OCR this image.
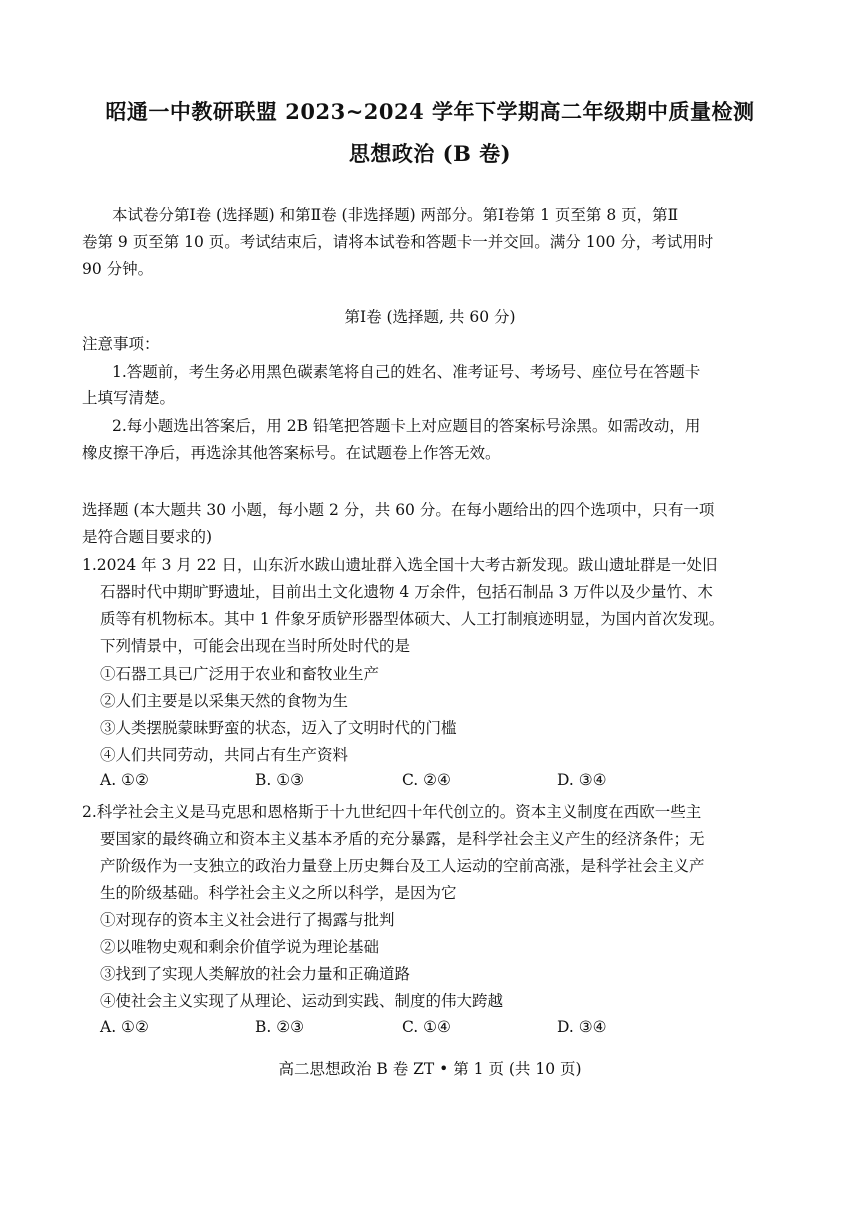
昭通一中教研联盟 2023~2024 学年下学期高二年级期中质量检测
思想政治 (B 卷)
本试卷分第Ⅰ卷 (选择题) 和第Ⅱ卷 (非选择题) 两部分。第Ⅰ卷第 1 页至第 8 页，第Ⅱ
卷第 9 页至第 10 页。考试结束后，请将本试卷和答题卡一并交回。满分 100 分，考试用时
90 分钟。
第Ⅰ卷 (选择题, 共 60 分)
注意事项：
1.答题前，考生务必用黑色碳素笔将自己的姓名、准考证号、考场号、座位号在答题卡
上填写清楚。
2.每小题选出答案后，用 2B 铅笔把答题卡上对应题目的答案标号涂黑。如需改动，用
橡皮擦干净后，再选涂其他答案标号。在试题卷上作答无效。
选择题 (本大题共 30 小题，每小题 2 分，共 60 分。在每小题给出的四个选项中，只有一项
是符合题目要求的)
1.2024 年 3 月 22 日，山东沂水跋山遗址群入选全国十大考古新发现。跋山遗址群是一处旧
石器时代中期旷野遗址，目前出土文化遗物 4 万余件，包括石制品 3 万件以及少量竹、木
质等有机物标本。其中 1 件象牙质铲形器型体硕大、人工打制痕迹明显，为国内首次发现。
下列情景中，可能会出现在当时所处时代的是
①石器工具已广泛用于农业和畜牧业生产
②人们主要是以采集天然的食物为生
③人类摆脱蒙昧野蛮的状态，迈入了文明时代的门槛
④人们共同劳动，共同占有生产资料
A. ①②	B. ①③	C. ②④	D. ③④
2.科学社会主义是马克思和恩格斯于十九世纪四十年代创立的。资本主义制度在西欧一些主
要国家的最终确立和资本主义基本矛盾的充分暴露，是科学社会主义产生的经济条件；无
产阶级作为一支独立的政治力量登上历史舞台及工人运动的空前高涨，是科学社会主义产
生的阶级基础。科学社会主义之所以科学，是因为它
①对现存的资本主义社会进行了揭露与批判
②以唯物史观和剩余价值学说为理论基础
③找到了实现人类解放的社会力量和正确道路
④使社会主义实现了从理论、运动到实践、制度的伟大跨越
A. ①②	B. ②③	C. ①④	D. ③④
高二思想政治 B 卷 ZT • 第 1 页 (共 10 页)
